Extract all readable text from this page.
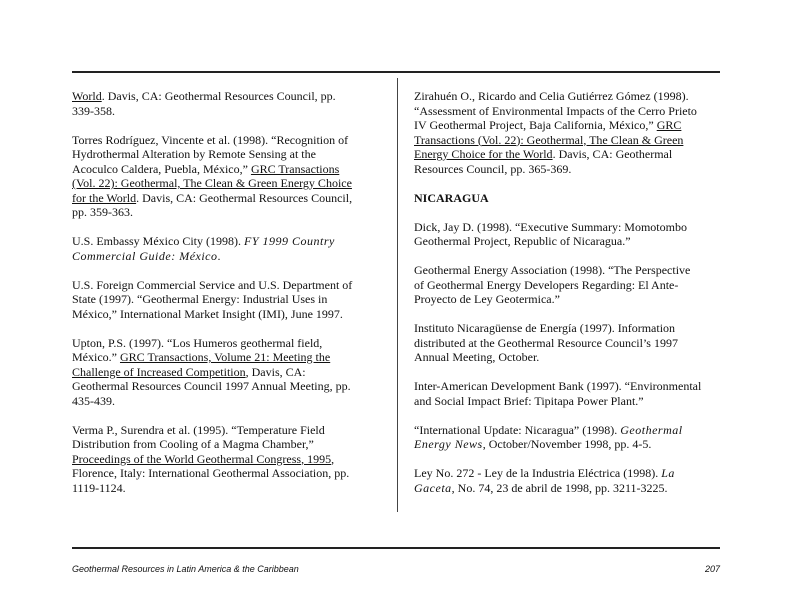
World. Davis, CA: Geothermal Resources Council, pp.
339-358.
Torres Rodríguez, Vincente et al. (1998). “Recognition of
Hydrothermal Alteration by Remote Sensing at the
Acoculco Caldera, Puebla, México,” GRC Transactions
(Vol. 22): Geothermal, The Clean & Green Energy Choice
for the World. Davis, CA: Geothermal Resources Council,
pp. 359-363.
U.S. Embassy México City (1998). FY 1999 Country
Commercial Guide: México.
U.S. Foreign Commercial Service and U.S. Department of
State (1997). “Geothermal Energy: Industrial Uses in
México,” International Market Insight (IMI), June 1997.
Upton, P.S. (1997). “Los Humeros geothermal field,
México.” GRC Transactions, Volume 21: Meeting the
Challenge of Increased Competition, Davis, CA:
Geothermal Resources Council 1997 Annual Meeting, pp.
435-439.
Verma P., Surendra et al. (1995). “Temperature Field
Distribution from Cooling of a Magma Chamber,”
Proceedings of the World Geothermal Congress, 1995,
Florence, Italy: International Geothermal Association, pp.
1119-1124.
Zirahuén O., Ricardo and Celia Gutiérrez Gómez (1998).
“Assessment of Environmental Impacts of the Cerro Prieto
IV Geothermal Project, Baja California, México,” GRC
Transactions (Vol. 22): Geothermal, The Clean & Green
Energy Choice for the World. Davis, CA: Geothermal
Resources Council, pp. 365-369.
NICARAGUA
Dick, Jay D. (1998). “Executive Summary: Momotombo
Geothermal Project, Republic of Nicaragua.”
Geothermal Energy Association (1998). “The Perspective
of Geothermal Energy Developers Regarding: El Ante-
Proyecto de Ley Geotermica.”
Instituto Nicaragüense de Energía (1997). Information
distributed at the Geothermal Resource Council’s 1997
Annual Meeting, October.
Inter-American Development Bank (1997). “Environmental
and Social Impact Brief: Tipitapa Power Plant.”
“International Update: Nicaragua” (1998). Geothermal
Energy News, October/November 1998, pp. 4-5.
Ley No. 272 - Ley de la Industria Eléctrica (1998). La
Gaceta, No. 74, 23 de abril de 1998, pp. 3211-3225.
Geothermal Resources in Latin America & the Caribbean	207
